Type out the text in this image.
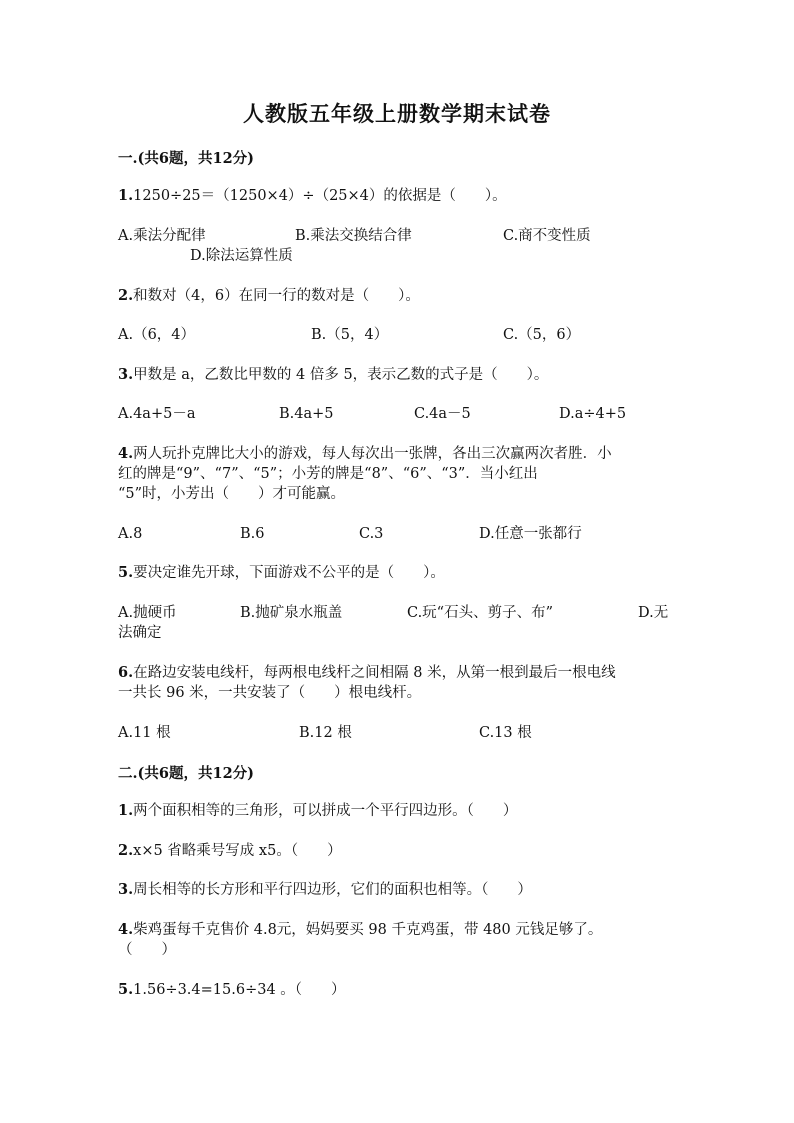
人教版五年级上册数学期末试卷
一.(共6题，共12分)
1.1250÷25＝（1250×4）÷（25×4）的依据是（　　）。
A.乘法分配律	B.乘法交换结合律	C.商不变性质
D.除法运算性质
2.和数对（4，6）在同一行的数对是（　　）。
A.（6，4）	B.（5，4）	C.（5，6）
3.甲数是 a，乙数比甲数的 4 倍多 5，表示乙数的式子是（　　）。
A.4a+5－a	B.4a+5	C.4a－5	D.a÷4+5
4.两人玩扑克牌比大小的游戏，每人每次出一张牌，各出三次赢两次者胜．小
红的牌是“9”、“7”、“5”；小芳的牌是“8”、“6”、“3”．当小红出
“5”时，小芳出（　　）才可能赢。
A.8	B.6	C.3	D.任意一张都行
5.要决定谁先开球，下面游戏不公平的是（　　）。
A.抛硬币	B.抛矿泉水瓶盖	C.玩“石头、剪子、布”	D.无
法确定
6.在路边安装电线杆，每两根电线杆之间相隔 8 米，从第一根到最后一根电线
一共长 96 米，一共安装了（　　）根电线杆。
A.11 根	B.12 根	C.13 根
二.(共6题，共12分)
1.两个面积相等的三角形，可以拼成一个平行四边形。（　　）
2.x×5 省略乘号写成 x5。（　　）
3.周长相等的长方形和平行四边形，它们的面积也相等。（　　）
4.柴鸡蛋每千克售价 4.8元，妈妈要买 98 千克鸡蛋，带 480 元钱足够了。
（　　）
5.1.56÷3.4=15.6÷34 。（　　）
